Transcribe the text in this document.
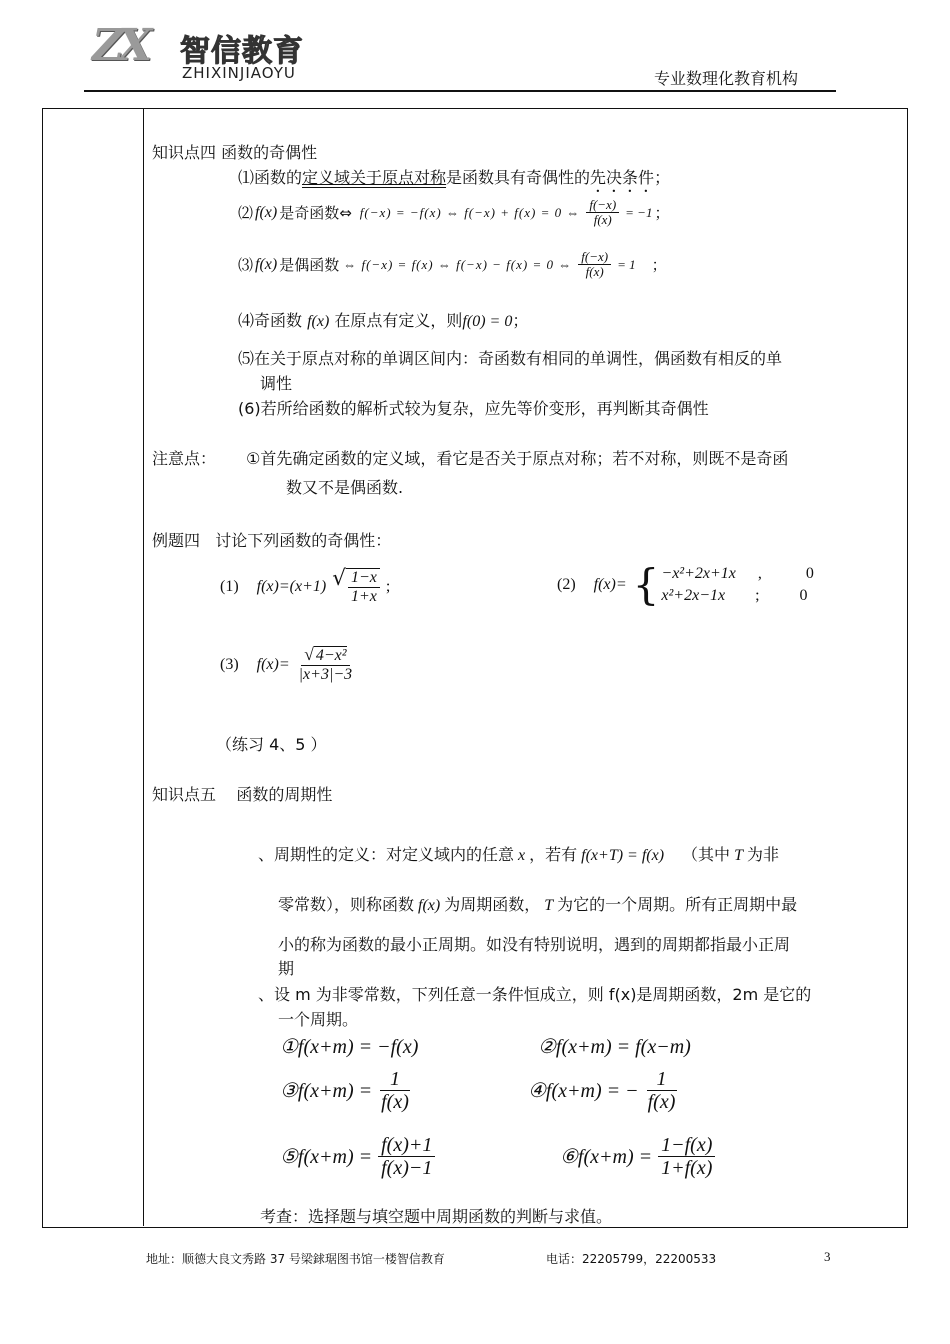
ZX 智信教育
ZHIXINJIAOYU	专业数理化教育机构
知识点四 函数的奇偶性
⑴函数的定义域关于原点对称是函数具有奇偶性的先决条件；
⑵ f(x) 是奇函数⇔ f(−x) = −f(x) ⇔ f(−x) + f(x) = 0 ⇔ $\frac{f(-x)}{f(x)} = -1$ ；
⑶ f(x) 是偶函数 ⇔ f(−x) = f(x) ⇔ f(−x) − f(x) = 0 ⇔ $\frac{f(-x)}{f(x)} = 1$ ；
⑷奇函数 f(x) 在原点有定义，则f(0) = 0；
⑸在关于原点对称的单调区间内：奇函数有相同的单调性，偶函数有相反的单
调性
(6)若所给函数的解析式较为复杂，应先等价变形，再判断其奇偶性
注意点： ①首先确定函数的定义域，看它是否关于原点对称；若不对称，则既不是奇函
数又不是偶函数.
例题四   讨论下列函数的奇偶性：
(1) f(x)=(x+1) √ $\frac{1-x}{1+x}$ ;	(2) f(x)= { −x²+2x+1x ,	0
x²+2x−1x ;	0
(3) $f(x)= \frac{\text{√ 4−x²}}{|x+3|-3}$
（练习 4、5 ）
知识点五    函数的周期性
、周期性的定义：对定义域内的任意 x ，若有 f(x+T) = f(x) （其中 T 为非
零常数），则称函数 f(x) 为周期函数， T 为它的一个周期。所有正周期中最
小的称为函数的最小正周期。如没有特别说明，遇到的周期都指最小正周
期
、设 m 为非零常数，下列任意一条件恒成立，则 f(x)是周期函数，2m 是它的
一个周期。
①f(x+m) = −f(x)	②f(x+m) = f(x−m)
③f(x+m) = $\frac{1}{f(x)}$	④f(x+m) = − $\frac{1}{f(x)}$
⑤f(x+m) = $\frac{f(x)+1}{f(x)-1}$	⑥f(x+m) = $\frac{1-f(x)}{1+f(x)}$
考查：选择题与填空题中周期函数的判断与求值。
地址：顺德大良文秀路 37 号梁銶琚图书馆一楼智信教育	电话：22205799，22200533	3
